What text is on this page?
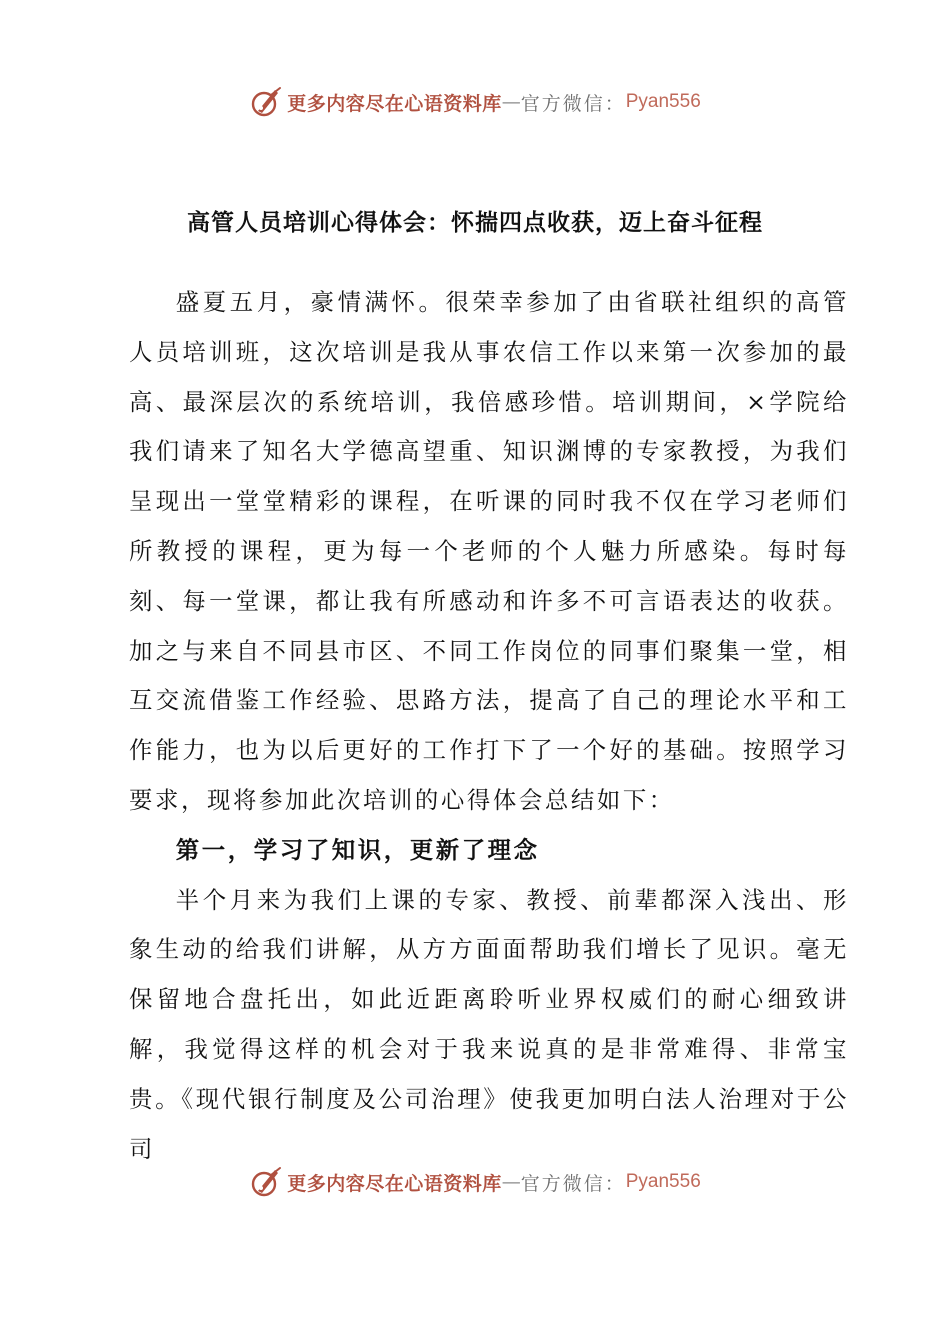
更多内容尽在心语资料库 — 官方微信： Pyan556
高管人员培训心得体会：怀揣四点收获，迈上奋斗征程

盛夏五月，豪情满怀。很荣幸参加了由省联社组织的高管人员培训班，这次培训是我从事农信工作以来第一次参加的最高、最深层次的系统培训，我倍感珍惜。培训期间，×学院给我们请来了知名大学德高望重、知识渊博的专家教授，为我们呈现出一堂堂精彩的课程，在听课的同时我不仅在学习老师们所教授的课程，更为每一个老师的个人魅力所感染。每时每刻、每一堂课，都让我有所感动和许多不可言语表达的收获。加之与来自不同县市区、不同工作岗位的同事们聚集一堂，相互交流借鉴工作经验、思路方法，提高了自己的理论水平和工作能力，也为以后更好的工作打下了一个好的基础。按照学习要求，现将参加此次培训的心得体会总结如下：

第一，学习了知识，更新了理念

半个月来为我们上课的专家、教授、前辈都深入浅出、形象生动的给我们讲解，从方方面面帮助我们增长了见识。毫无保留地合盘托出，如此近距离聆听业界权威们的耐心细致讲解，我觉得这样的机会对于我来说真的是非常难得、非常宝贵。《现代银行制度及公司治理》使我更加明白法人治理对于公司

更多内容尽在心语资料库 — 官方微信： Pyan556
